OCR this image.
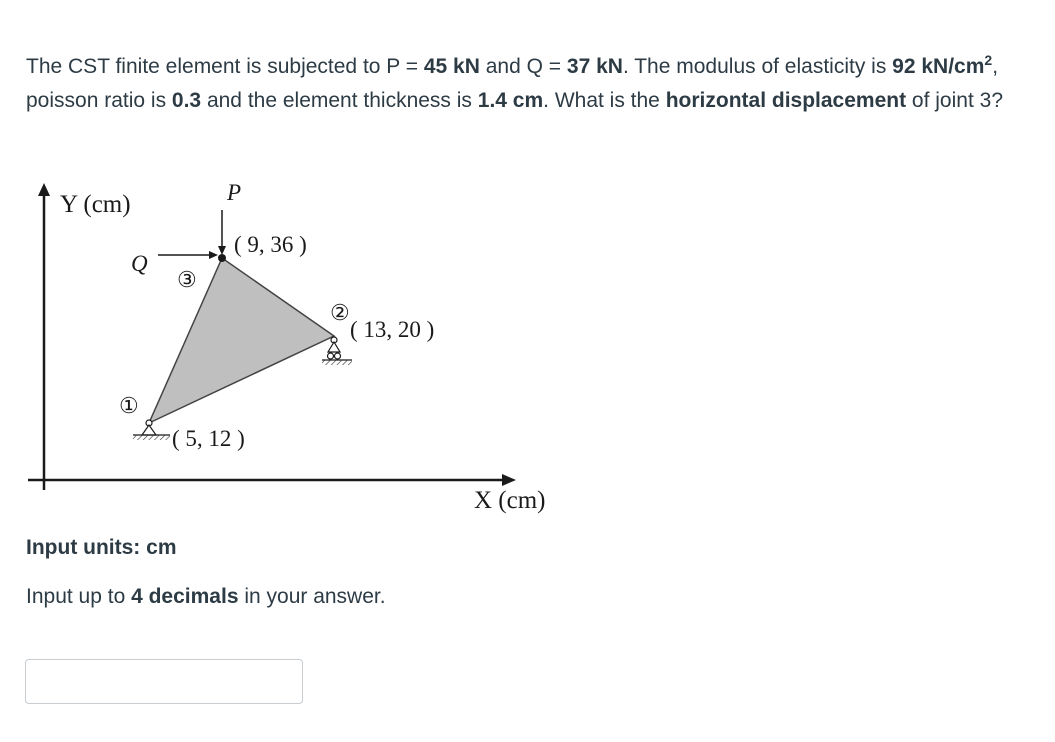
The CST finite element is subjected to P = 45 kN and Q = 37 kN. The modulus of elasticity is 92 $kN/cm^2$, poisson ratio is 0.3 and the element thickness is 1.4 cm. What is the horizontal displacement of joint 3?

Y (cm)
X (cm)
P
Q
③
( 9, 36 )
②
( 13, 20 )
①
( 5, 12 )

Input units: cm

Input up to 4 decimals in your answer.
